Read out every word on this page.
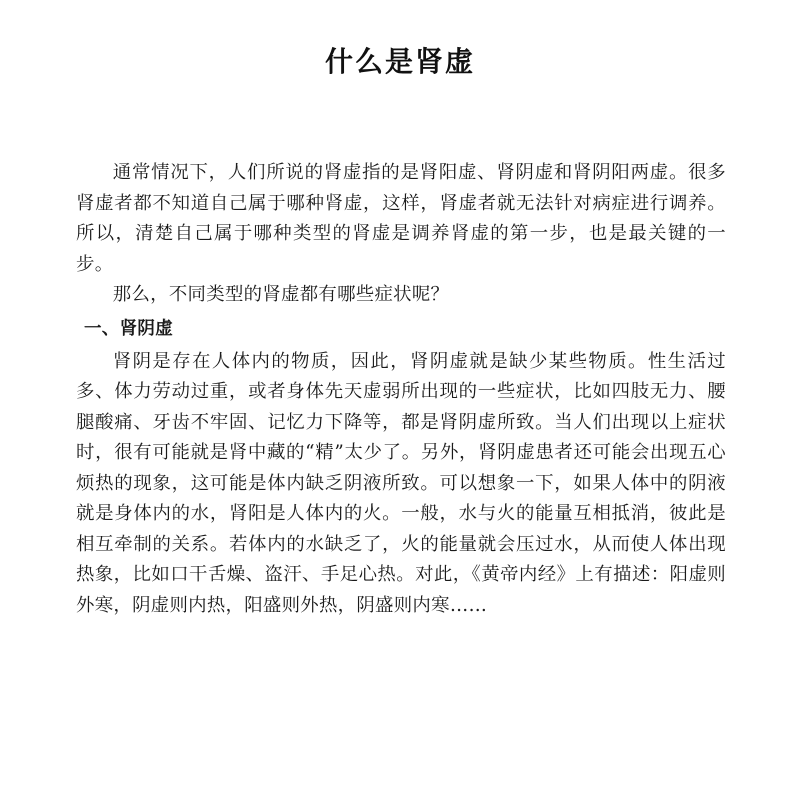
什么是肾虚

通常情况下，人们所说的肾虚指的是肾阳虚、肾阴虚和肾阴阳两虚。很多肾虚者都不知道自己属于哪种肾虚，这样，肾虚者就无法针对病症进行调养。所以，清楚自己属于哪种类型的肾虚是调养肾虚的第一步，也是最关键的一步。

那么，不同类型的肾虚都有哪些症状呢？

一、肾阴虚

肾阴是存在人体内的物质，因此，肾阴虚就是缺少某些物质。性生活过多、体力劳动过重，或者身体先天虚弱所出现的一些症状，比如四肢无力、腰腿酸痛、牙齿不牢固、记忆力下降等，都是肾阴虚所致。当人们出现以上症状时，很有可能就是肾中藏的“精”太少了。另外，肾阴虚患者还可能会出现五心烦热的现象，这可能是体内缺乏阴液所致。可以想象一下，如果人体中的阴液就是身体内的水，肾阳是人体内的火。一般，水与火的能量互相抵消，彼此是相互牵制的关系。若体内的水缺乏了，火的能量就会压过水，从而使人体出现热象，比如口干舌燥、盗汗、手足心热。对此，《黄帝内经》上有描述：阳虚则外寒，阴虚则内热，阳盛则外热，阴盛则内寒……
